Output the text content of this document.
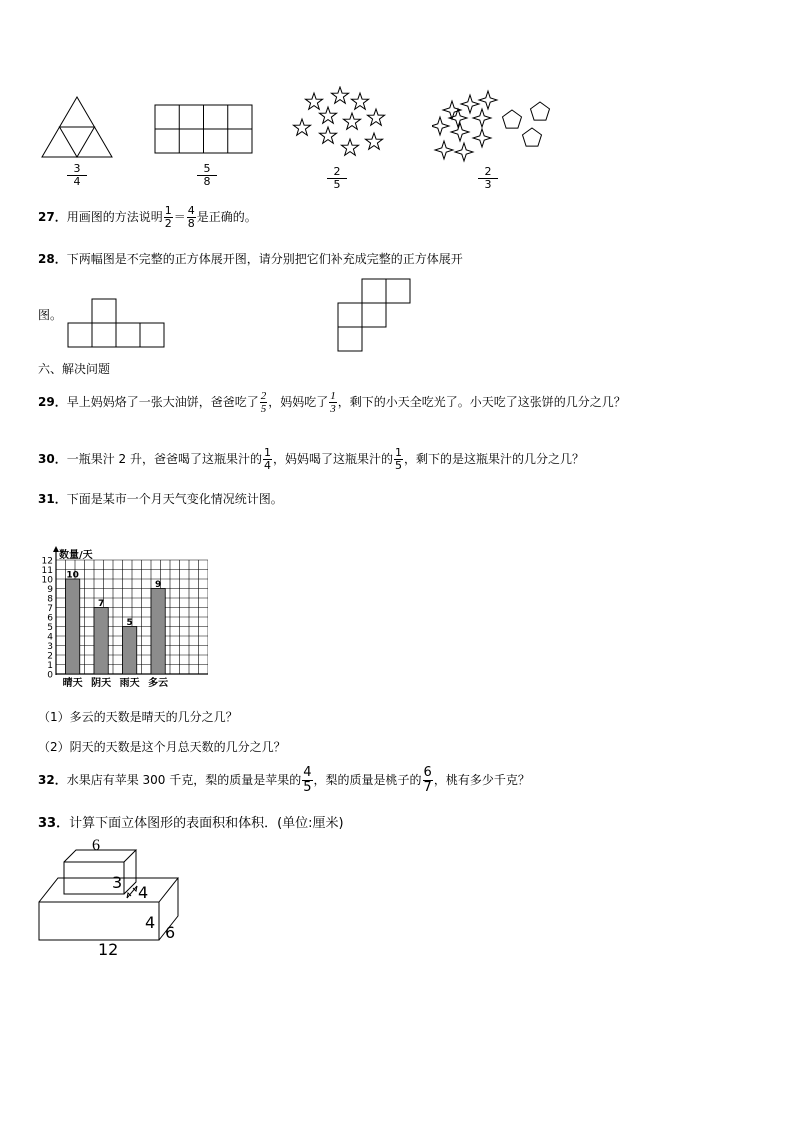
3
4
5
8
2
5
2
3
27．用画图的方法说明 $\frac{1}{2} = \frac{4}{8}$ 是正确的。
28．下两幅图是不完整的正方体展开图，请分别把它们补充成完整的正方体展开
图。
六、解决问题
29．早上妈妈烙了一张大油饼，爸爸吃了 $\frac{2}{5}$ ，妈妈吃了 $\frac{1}{3}$ ，剩下的小天全吃光了。小天吃了这张饼的几分之几？
30．一瓶果汁 2 升，爸爸喝了这瓶果汁的 $\frac{1}{4}$ ，妈妈喝了这瓶果汁的 $\frac{1}{5}$ ，剩下的是这瓶果汁的几分之几？
31．下面是某市一个月天气变化情况统计图。
数量/天
0
1
2
3
4
5
6
7
8
9
10
11
12
10
晴天
7
阴天
5
雨天
9
多云
（1）多云的天数是晴天的几分之几？
（2）阴天的天数是这个月总天数的几分之几？
32．水果店有苹果 300 千克，梨的质量是苹果的 $\frac{4}{5}$ ，梨的质量是桃子的 $\frac{6}{7}$ ，桃有多少千克？
33．计算下面立体图形的表面积和体积．(单位:厘米)
6
3
4
4
6
12
